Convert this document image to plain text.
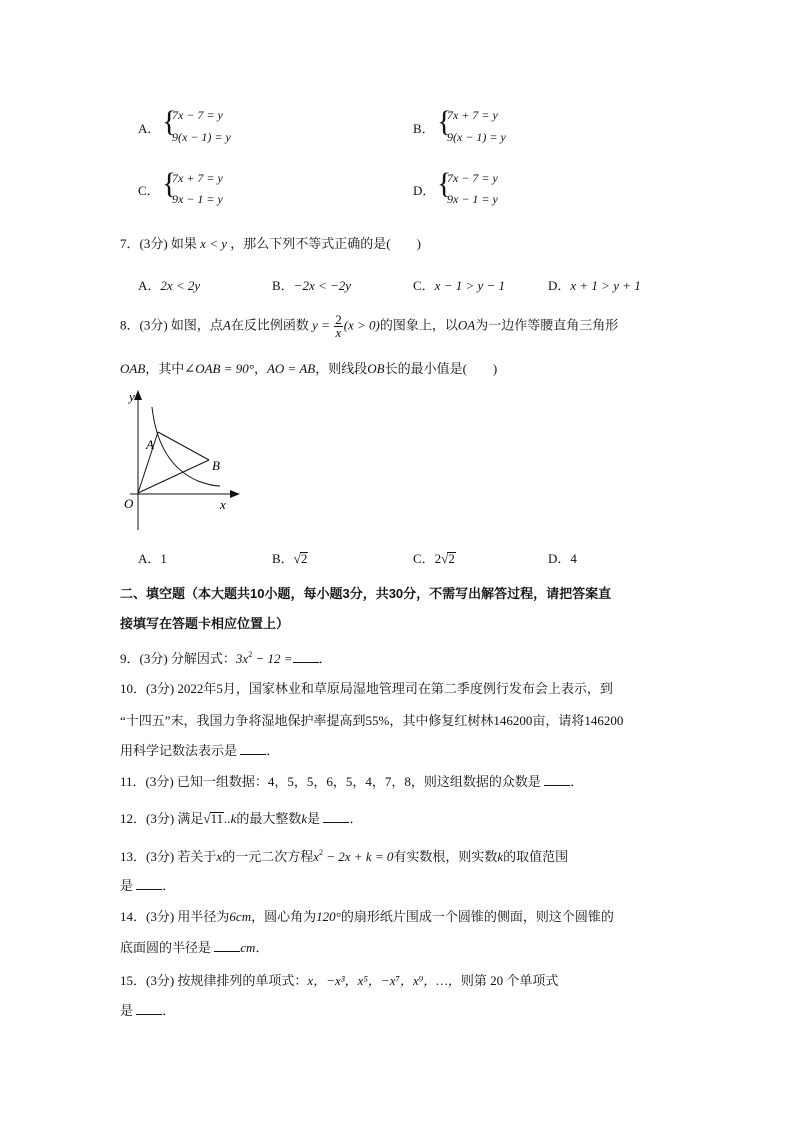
A． {
7x − 7 = y
9(x − 1) = y
B． {
7x + 7 = y
9(x − 1) = y
C． {
7x + 7 = y
9x − 1 = y
D． {
7x − 7 = y
9x − 1 = y
7．(3分) 如果 x < y ，那么下列不等式正确的是(　　)
A．2x < 2y	B．−2x < −2y	C．x − 1 > y − 1	D．x + 1 > y + 1
8．(3分) 如图，点A在反比例函数 $y = \frac{2}{x} (x > 0)$的图象上，以OA为一边作等腰直角三角形
OAB，其中∠OAB = 90°，AO = AB，则线段OB长的最小值是(　　)
y
x
O
A
B
A．1	B．√2	C．2√2	D．4
二、填空题（本大题共10小题，每小题3分，共30分，不需写出解答过程，请把答案直
接填写在答题卡相应位置上）
9．(3分) 分解因式：$3x^2 - 12$ = ．
10．(3分) 2022年5月，国家林业和草原局湿地管理司在第二季度例行发布会上表示，到
“十四五”末，我国力争将湿地保护率提高到55%，其中修复红树林146200亩，请将146200
用科学记数法表示是 ．
11．(3分) 已知一组数据：4，5，5，6，5，4，7，8，则这组数据的众数是 ．
12．(3分) 满足√11..k的最大整数k是 ．
13．(3分) 若关于x的一元二次方程$x^2 - 2x + k = 0$有实数根，则实数k的取值范围
是 ．
14．(3分) 用半径为6cm，圆心角为120°的扇形纸片围成一个圆锥的侧面，则这个圆锥的
底面圆的半径是 cm．
15．(3分) 按规律排列的单项式：x，−x³，x⁵，−x⁷，x⁹，…，则第 20 个单项式
是 ．
